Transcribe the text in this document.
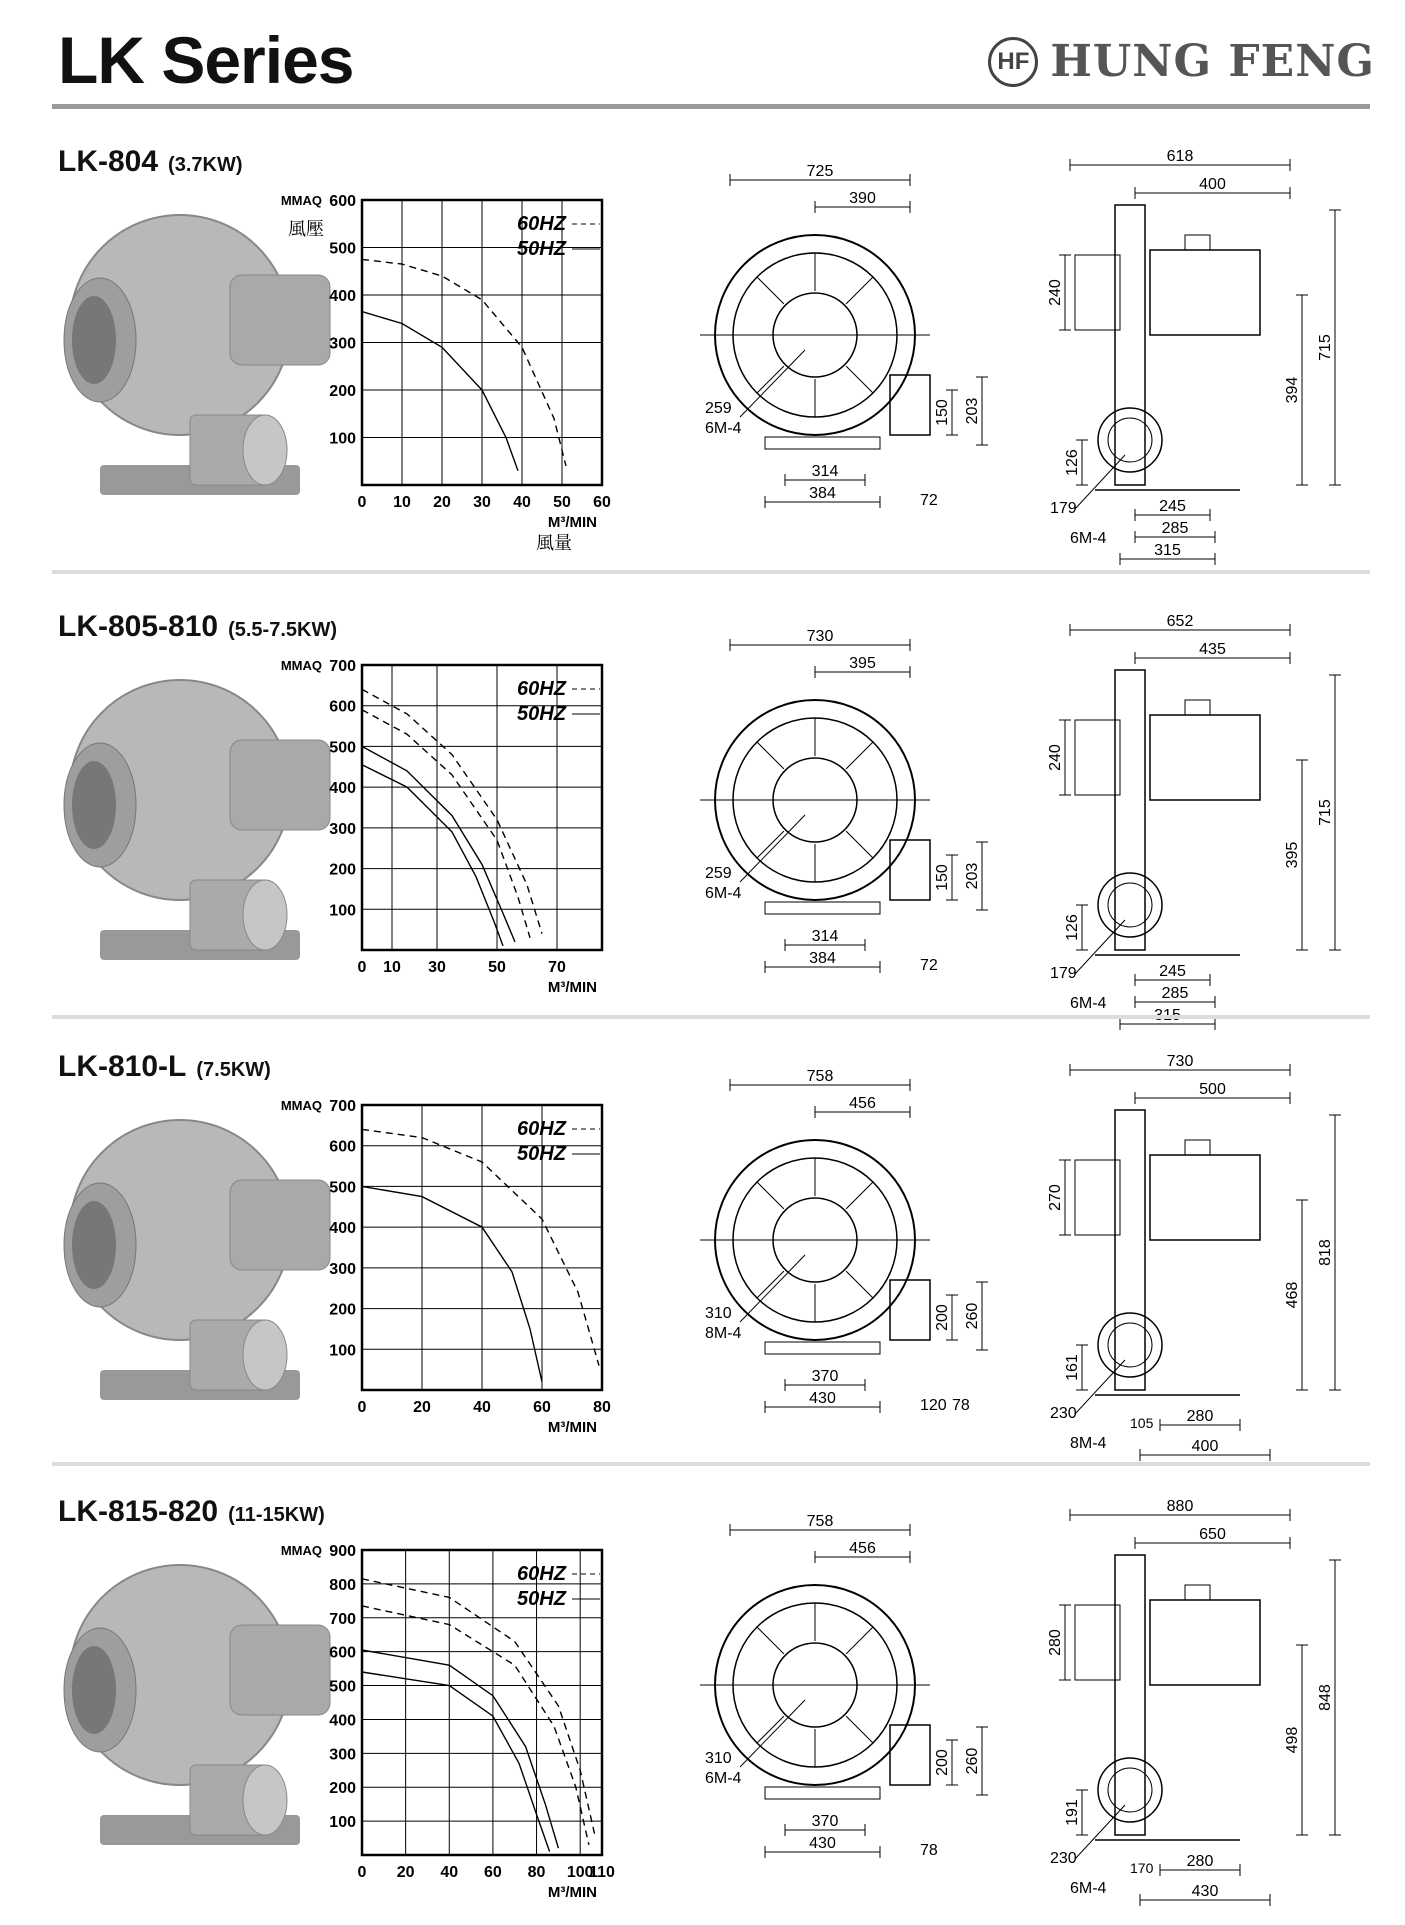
LK Series	HF HUNG FENG
LK-804 (3.7KW)
0 10 20 30 40 50 60
100
200
300
400
500
600
60HZ
50HZ
MMAQ
M³/MIN
風壓
風量
725
390
150 203
259
6M-4
314
384	72
618
400
240
715
394
126
179
6M-4
245
285
315
LK-805-810 (5.5-7.5KW)
0 10 30	50	70
100
200
300
400
500
600
700
60HZ
50HZ
MMAQ
M³/MIN
730
395
150 203
259
6M-4
314
384	72
652
435
240
715
395
126
179
6M-4
245
285
LK-810-L (7.5KW)
0	20	40	60	80
100
200
300
400
500
600
700
60HZ
50HZ
MMAQ
M³/MIN
758
456
200 260
310
8M-4
370
430	120 78
730
500
270
818
468
161
230
8M-4
105 280
400
LK-815-820 (11-15KW)
0 20 40 60 80 100
110
100
200
300
400
500
600
700
800
900
60HZ
50HZ
MMAQ
M³/MIN
758
456
200 260
310
6M-4
370
430	78
880
650
280
848
498
191
230
6M-4
170 280
430
